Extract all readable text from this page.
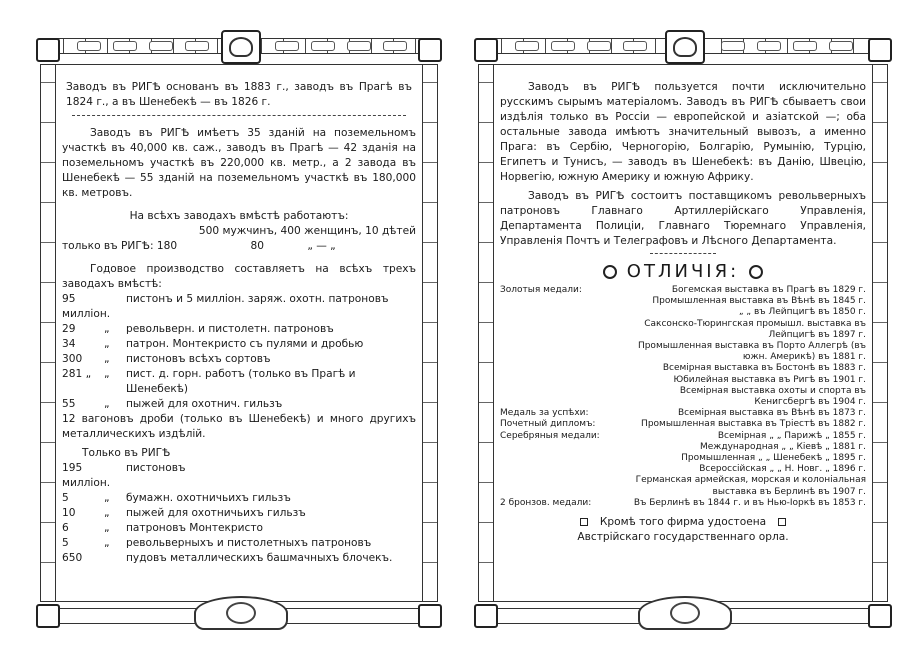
Заводъ въ РИГѢ основанъ въ 1883 г., заводъ въ Прагѣ въ 1824 г., а въ Шенебекѣ — въ 1826 г.

Заводъ въ РИГѢ имѣетъ 35 зданій на поземельномъ участкѣ въ 40,000 кв. саж., заводъ въ Прагѣ — 42 зданія на поземельномъ участкѣ въ 220,000 кв. метр., а 2 завода въ Шенебекѣ — 55 зданій на поземельномъ участкѣ въ 180,000 кв. метровъ.

На всѣхъ заводахъ вмѣстѣ работаютъ:

500 мужчинъ, 400 женщинъ, 10 дѣтей

только въ РИГѢ: 180	80	„ — „

Годовое производство составляетъ на всѣхъ трехъ заводахъ вмѣстѣ:

95 милліон.
пистонъ и 5 милліон. заряж. охотн. патроновъ
29	„	револьверн. и пистолетн. патроновъ
34	„	патрон. Монтекристо съ пулями и дробью
300	„	пистоновъ всѣхъ сортовъ
281 „	„	пист. д. горн. работъ (только въ Прагѣ и Шенебекѣ)
55	„	пыжей для охотнич. гильзъ

12 вагоновъ дроби (только въ Шенебекѣ) и много другихъ металлическихъ издѣлій.

Только въ РИГѢ

195 милліон.
пистоновъ
5	„	бумажн. охотничьихъ гильзъ
10	„	пыжей для охотничьихъ гильзъ
6	„	патроновъ Монтекристо
5	„	револьверныхъ и пистолетныхъ патроновъ
650	пудовъ металлическихъ башмачныхъ блочекъ.

Заводъ въ РИГѢ пользуется почти исключительно русскимъ сырымъ матеріаломъ. Заводъ въ РИГѢ сбываетъ свои издѣлія только въ Россіи — европейской и азіатской —; оба остальные завода имѣютъ значительный вывозъ, а именно Прага: въ Сербію, Черногорію, Болгарію, Румынію, Турцію, Египетъ и Тунисъ, — заводъ въ Шенебекѣ: въ Данію, Швецію, Норвегію, южную Америку и южную Африку.

Заводъ въ РИГѢ состоитъ поставщикомъ револьверныхъ патроновъ Главнаго Артиллерійскаго Управленія, Департамента Полиціи, Главнаго Тюремнаго Управленія, Управленія Почтъ и Телеграфовъ и Лѣсного Департамента.

ОТЛИЧІЯ:
Золотыя медали:	Богемская выставка въ Прагѣ въ 1829 г.
Промышленная выставка въ Вѣнѣ въ 1845 г.
„ „ въ Лейпцигѣ въ 1850 г.
Саксонско-Тюрингская промышл. выставка въ Лейпцигѣ въ 1897 г.
Промышленная выставка въ Порто Аллегрѣ (въ южн. Америкѣ) въ 1881 г.
Всемірная выставка въ Бостонѣ въ 1883 г.
Юбилейная выставка въ Ригѣ въ 1901 г.
Всемірная выставка охоты и спорта въ Кенигсбергѣ въ 1904 г.
Медаль за успѣхи:	Всемірная выставка въ Вѣнѣ въ 1873 г.
Почетный дипломъ:	Промышленная выставка въ Тріестѣ въ 1882 г.
Серебряныя медали:	Всемірная „ „ Парижѣ „ 1855 г.
Международная „ „ Кіевѣ „ 1881 г.
Промышленная „ „ Шенебекѣ „ 1895 г.
Всероссійская „ „ Н. Новг. „ 1896 г.
Германская армейская, морская и колоніальная выставка въ Берлинѣ въ 1907 г.
2 бронзов. медали:	Въ Берлинѣ въ 1844 г. и въ Нью-Іоркѣ въ 1853 г.

Кромѣ того фирма удостоена

Австрійскаго государственнаго орла.
